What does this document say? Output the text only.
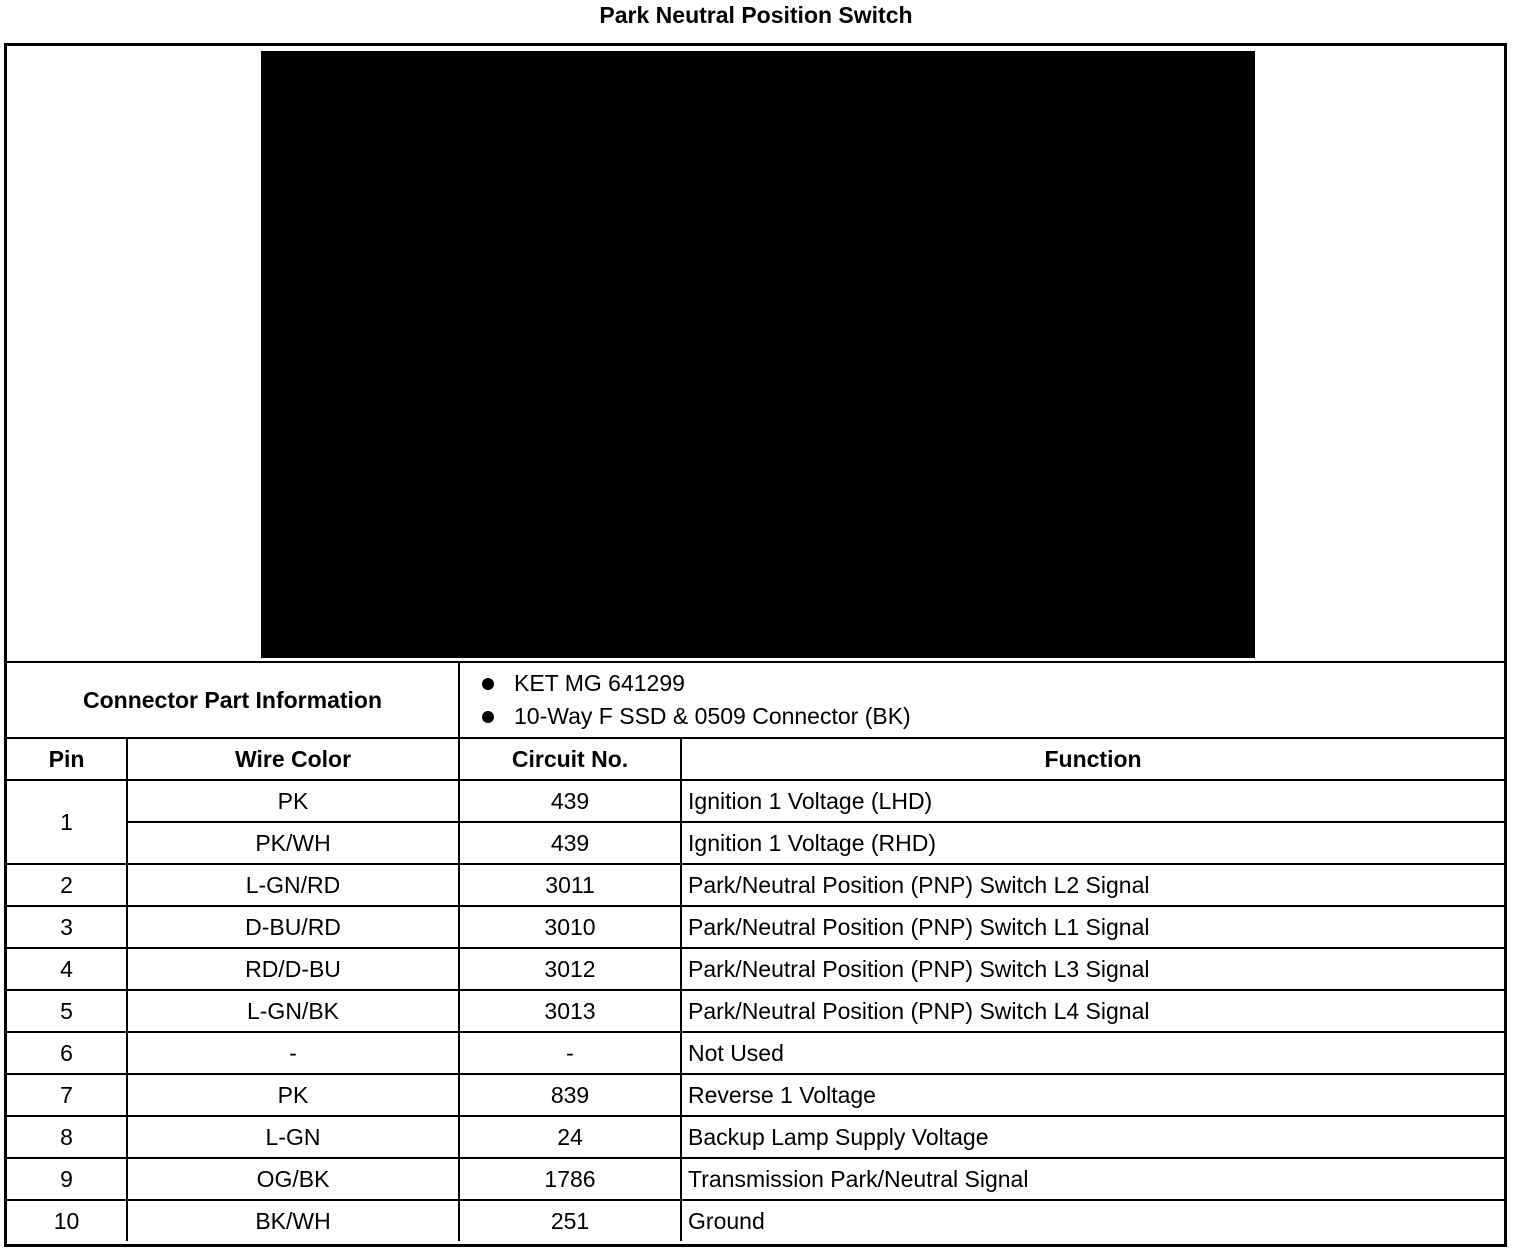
Park Neutral Position Switch
Connector Part Information		KET MG 641299
10-Way F SSD & 0509 Connector (BK)	

Pin	Wire Color	Circuit No.	Function
1	PK	439	Ignition 1 Voltage (LHD)
	PK/WH	439	Ignition 1 Voltage (RHD)
2	L-GN/RD	3011	Park/Neutral Position (PNP) Switch L2 Signal
3	D-BU/RD	3010	Park/Neutral Position (PNP) Switch L1 Signal
4	RD/D-BU	3012	Park/Neutral Position (PNP) Switch L3 Signal
5	L-GN/BK	3013	Park/Neutral Position (PNP) Switch L4 Signal
6	-	-	Not Used
7	PK	839	Reverse 1 Voltage
8	L-GN	24	Backup Lamp Supply Voltage
9	OG/BK	1786	Transmission Park/Neutral Signal
10	BK/WH	251	Ground
